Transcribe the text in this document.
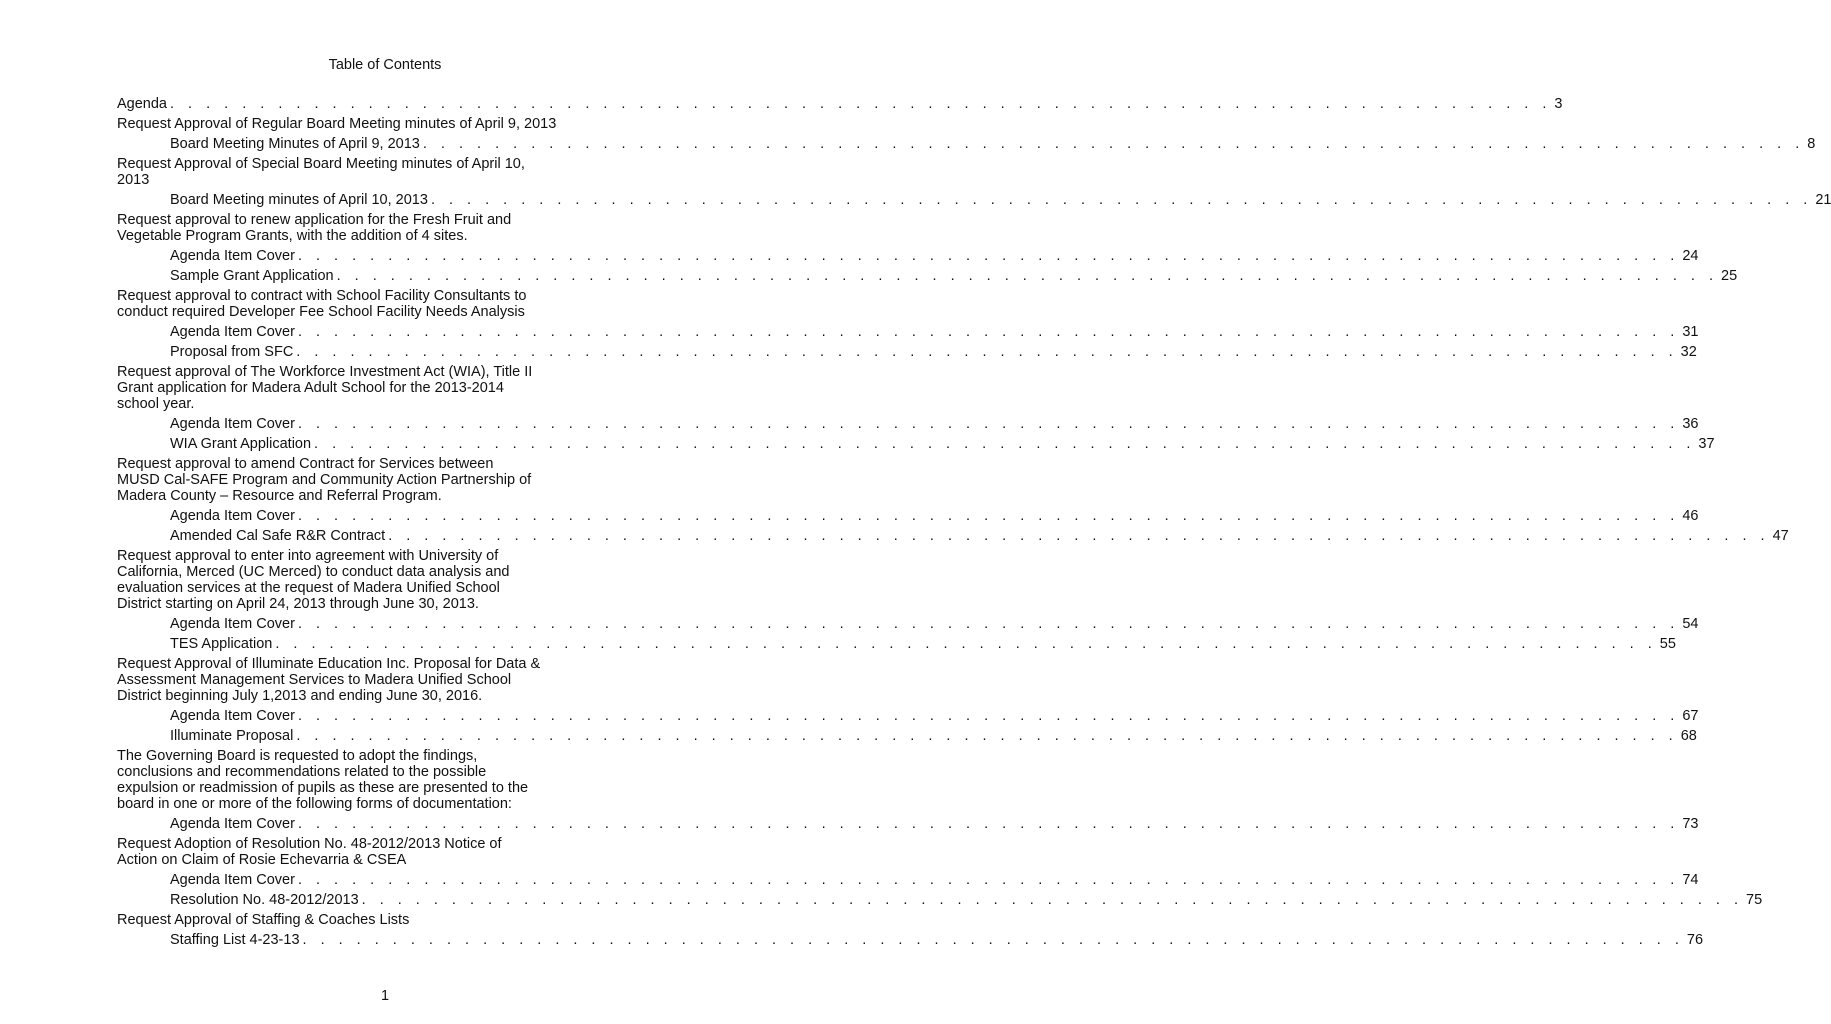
Table of Contents
Agenda . . . . . . . . . . . . . . . . . . . . . . . . . . . . . . . . . . . . . . . . . . . . . . . . . . . . . . . . . . . . . . . . . . . . . . . . . . . . . 3
Request Approval of Regular Board Meeting minutes of April 9, 2013
Board Meeting Minutes of April 9, 2013 . . . . . . . . . . . . . . . . . . . . . . . . . . . . . . . . . . . . . . . . . . . . . . . . . . . . . . . . . . . . . . . . . . . . . . . . . . . . . 8
Request Approval of Special Board Meeting minutes of April 10, 2013
Board Meeting minutes of April 10, 2013 . . . . . . . . . . . . . . . . . . . . . . . . . . . . . . . . . . . . . . . . . . . . . . . . . . . . . . . . . . . . . . . . . . . . . . . . . . . . . 21
Request approval to renew application for the Fresh Fruit and Vegetable Program Grants, with the addition of 4 sites.
Agenda Item Cover . . . . . . . . . . . . . . . . . . . . . . . . . . . . . . . . . . . . . . . . . . . . . . . . . . . . . . . . . . . . . . . . . . . . . . . . . . . . . 24
Sample Grant Application . . . . . . . . . . . . . . . . . . . . . . . . . . . . . . . . . . . . . . . . . . . . . . . . . . . . . . . . . . . . . . . . . . . . . . . . . . . . . 25
Request approval to contract with School Facility Consultants to conduct required Developer Fee School Facility Needs Analysis
Agenda Item Cover . . . . . . . . . . . . . . . . . . . . . . . . . . . . . . . . . . . . . . . . . . . . . . . . . . . . . . . . . . . . . . . . . . . . . . . . . . . . . 31
Proposal from SFC . . . . . . . . . . . . . . . . . . . . . . . . . . . . . . . . . . . . . . . . . . . . . . . . . . . . . . . . . . . . . . . . . . . . . . . . . . . . . 32
Request approval of The Workforce Investment Act (WIA), Title II Grant application for Madera Adult School for the 2013-2014 school year.
Agenda Item Cover . . . . . . . . . . . . . . . . . . . . . . . . . . . . . . . . . . . . . . . . . . . . . . . . . . . . . . . . . . . . . . . . . . . . . . . . . . . . . 36
WIA Grant Application . . . . . . . . . . . . . . . . . . . . . . . . . . . . . . . . . . . . . . . . . . . . . . . . . . . . . . . . . . . . . . . . . . . . . . . . . . . . . 37
Request approval to amend Contract for Services between MUSD Cal-SAFE Program and Community Action Partnership of Madera County – Resource and Referral Program.
Agenda Item Cover . . . . . . . . . . . . . . . . . . . . . . . . . . . . . . . . . . . . . . . . . . . . . . . . . . . . . . . . . . . . . . . . . . . . . . . . . . . . . 46
Amended Cal Safe R&R Contract . . . . . . . . . . . . . . . . . . . . . . . . . . . . . . . . . . . . . . . . . . . . . . . . . . . . . . . . . . . . . . . . . . . . . . . . . . . . . 47
Request approval to enter into agreement with University of California, Merced (UC Merced) to conduct data analysis and evaluation services at the request of Madera Unified School District starting on April 24, 2013 through June 30, 2013.
Agenda Item Cover . . . . . . . . . . . . . . . . . . . . . . . . . . . . . . . . . . . . . . . . . . . . . . . . . . . . . . . . . . . . . . . . . . . . . . . . . . . . . 54
TES Application . . . . . . . . . . . . . . . . . . . . . . . . . . . . . . . . . . . . . . . . . . . . . . . . . . . . . . . . . . . . . . . . . . . . . . . . . . . . . 55
Request Approval of Illuminate Education Inc. Proposal for Data & Assessment Management Services to Madera Unified School District beginning July 1,2013 and ending June 30, 2016.
Agenda Item Cover . . . . . . . . . . . . . . . . . . . . . . . . . . . . . . . . . . . . . . . . . . . . . . . . . . . . . . . . . . . . . . . . . . . . . . . . . . . . . 67
Illuminate Proposal . . . . . . . . . . . . . . . . . . . . . . . . . . . . . . . . . . . . . . . . . . . . . . . . . . . . . . . . . . . . . . . . . . . . . . . . . . . . . 68
The Governing Board is requested to adopt the findings, conclusions and recommendations related to the possible expulsion or readmission of pupils as these are presented to the board in one or more of the following forms of documentation:
Agenda Item Cover . . . . . . . . . . . . . . . . . . . . . . . . . . . . . . . . . . . . . . . . . . . . . . . . . . . . . . . . . . . . . . . . . . . . . . . . . . . . . 73
Request Adoption of Resolution No. 48-2012/2013 Notice of Action on Claim of Rosie Echevarria & CSEA
Agenda Item Cover . . . . . . . . . . . . . . . . . . . . . . . . . . . . . . . . . . . . . . . . . . . . . . . . . . . . . . . . . . . . . . . . . . . . . . . . . . . . . 74
Resolution No. 48-2012/2013 . . . . . . . . . . . . . . . . . . . . . . . . . . . . . . . . . . . . . . . . . . . . . . . . . . . . . . . . . . . . . . . . . . . . . . . . . . . . . 75
Request Approval of Staffing & Coaches Lists
Staffing List 4-23-13 . . . . . . . . . . . . . . . . . . . . . . . . . . . . . . . . . . . . . . . . . . . . . . . . . . . . . . . . . . . . . . . . . . . . . . . . . . . . . 76
1
